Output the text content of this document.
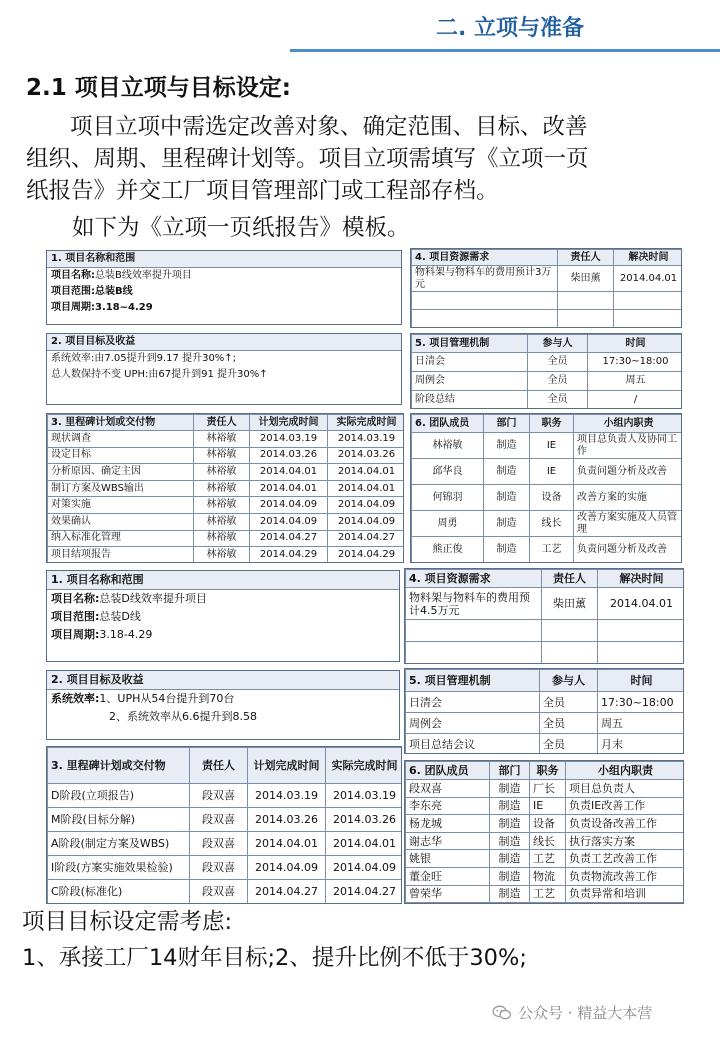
二. 立项与准备
2.1 项目立项与目标设定:
项目立项中需选定改善对象、确定范围、目标、改善
组织、周期、里程碑计划等。项目立项需填写《立项一页
纸报告》并交工厂项目管理部门或工程部存档。
如下为《立项一页纸报告》模板。
1. 项目名称和范围
项目名称:总装B线效率提升项目
项目范围:总装B线
项目周期:3.18~4.29
2. 项目目标及收益
系统效率:由7.05提升到9.17 提升30%↑;
总人数保持不变 UPH:由67提升到91 提升30%↑
3. 里程碑计划或交付物	责任人	计划完成时间	实际完成时间
现状调查	林裕敏	2014.03.19	2014.03.19
设定目标	林裕敏	2014.03.26	2014.03.26
分析原因、确定主因	林裕敏	2014.04.01	2014.04.01
制订方案及WBS输出	林裕敏	2014.04.01	2014.04.01
对策实施	林裕敏	2014.04.09	2014.04.09
效果确认	林裕敏	2014.04.09	2014.04.09
纳入标准化管理	林裕敏	2014.04.27	2014.04.27
项目结项报告	林裕敏	2014.04.29	2014.04.29
4. 项目资源需求	责任人	解决时间
物料架与物料车的费用预计3万元	柴田薰	2014.04.01

5. 项目管理机制	参与人	时间
日清会	全员	17:30~18:00
周例会	全员	周五
阶段总结	全员	/
6. 团队成员	部门	职务	小组内职责
林裕敏	制造	IE	项目总负责人及协同工作
邱华良	制造	IE	负责问题分析及改善
何锦羽	制造	设备	改善方案的实施
周勇	制造	线长	改善方案实施及人员管理
熊正俊	制造	工艺	负责问题分析及改善
1. 项目名称和范围
项目名称:总装D线效率提升项目
项目范围:总装D线
项目周期:3.18-4.29
2. 项目目标及收益
系统效率:1、UPH从54台提升到70台
2、系统效率从6.6提升到8.58
3. 里程碑计划或交付物	责任人	计划完成时间	实际完成时间
D阶段(立项报告)	段双喜	2014.03.19	2014.03.19
M阶段(目标分解)	段双喜	2014.03.26	2014.03.26
A阶段(制定方案及WBS)	段双喜	2014.04.01	2014.04.01
I阶段(方案实施效果检验)	段双喜	2014.04.09	2014.04.09
C阶段(标准化)	段双喜	2014.04.27	2014.04.27
4. 项目资源需求	责任人	解决时间
物料架与物料车的费用预计4.5万元	柴田薰	2014.04.01

5. 项目管理机制	参与人	时间
日清会	全员	17:30~18:00
周例会	全员	周五
项目总结会议	全员	月末
6. 团队成员	部门	职务	小组内职责
段双喜	制造	厂长	项目总负责人
李东亮	制造	IE	负责IE改善工作
杨龙城	制造	设备	负责设备改善工作
谢志华	制造	线长	执行落实方案
姚银	制造	工艺	负责工艺改善工作
董金旺	制造	物流	负责物流改善工作
曾荣华	制造	工艺	负责异常和培训
项目目标设定需考虑:
1、承接工厂14财年目标;2、提升比例不低于30%;
公众号 · 精益大本营
